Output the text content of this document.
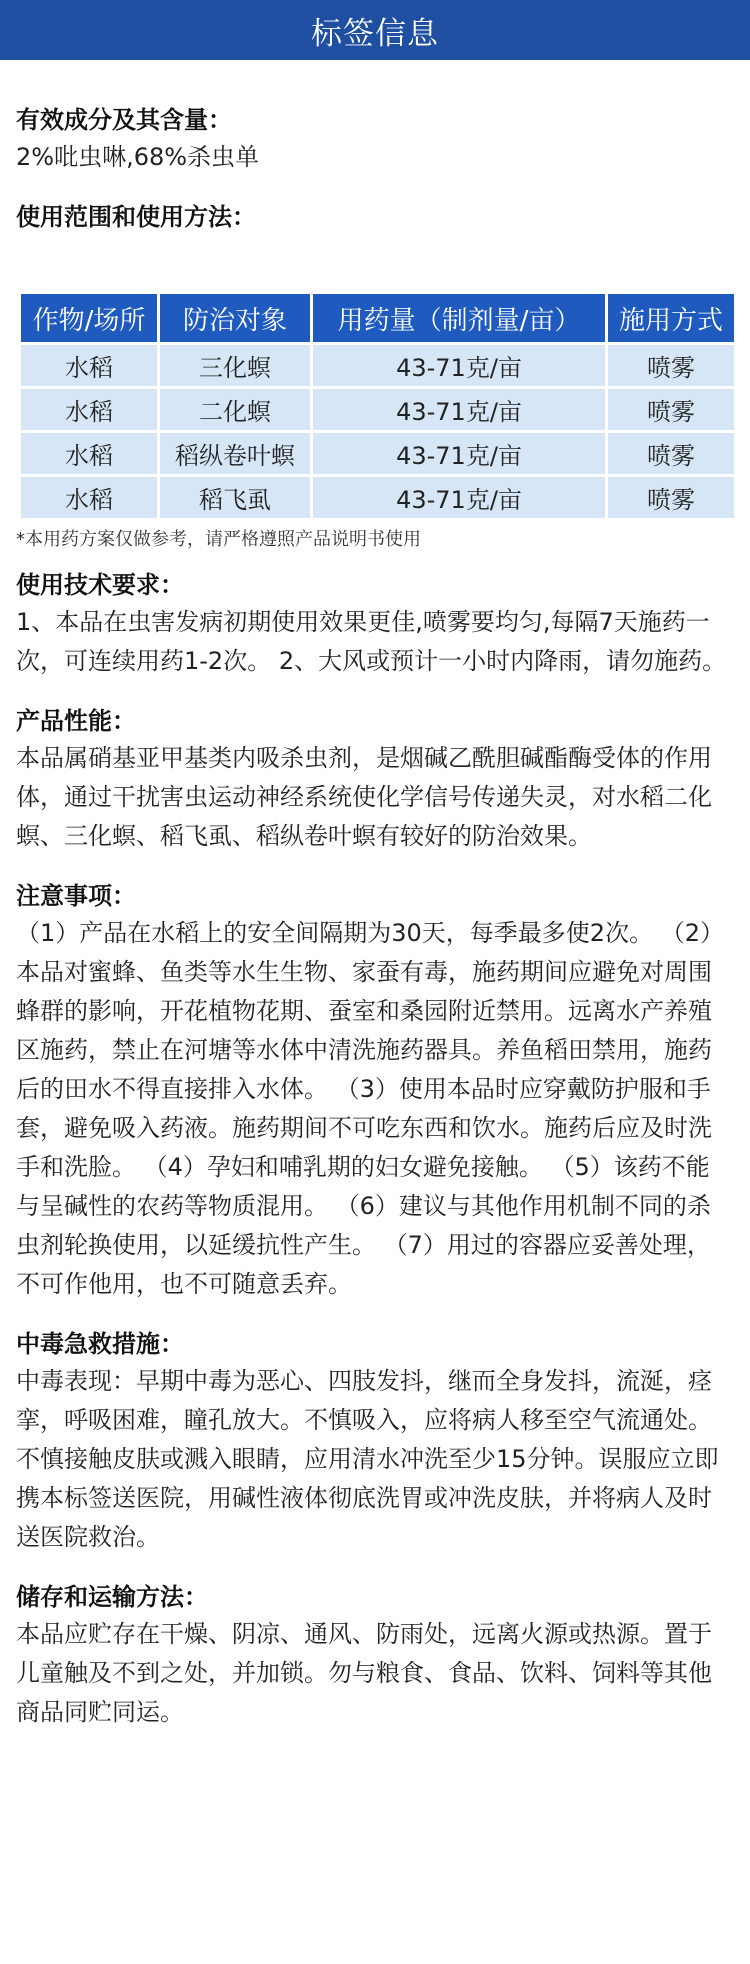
标签信息
有效成分及其含量：
2%吡虫啉,68%杀虫单
使用范围和使用方法：
作物/场所	防治对象	用药量（制剂量/亩）	施用方式
水稻	三化螟	43-71克/亩	喷雾
水稻	二化螟	43-71克/亩	喷雾
水稻	稻纵卷叶螟	43-71克/亩	喷雾
水稻	稻飞虱	43-71克/亩	喷雾
*本用药方案仅做参考，请严格遵照产品说明书使用
使用技术要求：
1、本品在虫害发病初期使用效果更佳,喷雾要均匀,每隔7天施药一次，可连续用药1-2次。 2、大风或预计一小时内降雨，请勿施药。
产品性能：
本品属硝基亚甲基类内吸杀虫剂，是烟碱乙酰胆碱酯酶受体的作用体，通过干扰害虫运动神经系统使化学信号传递失灵，对水稻二化螟、三化螟、稻飞虱、稻纵卷叶螟有较好的防治效果。
注意事项：
（1）产品在水稻上的安全间隔期为30天，每季最多使2次。 （2）本品对蜜蜂、鱼类等水生生物、家蚕有毒，施药期间应避免对周围蜂群的影响，开花植物花期、蚕室和桑园附近禁用。远离水产养殖区施药，禁止在河塘等水体中清洗施药器具。养鱼稻田禁用，施药后的田水不得直接排入水体。 （3）使用本品时应穿戴防护服和手套，避免吸入药液。施药期间不可吃东西和饮水。施药后应及时洗手和洗脸。 （4）孕妇和哺乳期的妇女避免接触。 （5）该药不能与呈碱性的农药等物质混用。 （6）建议与其他作用机制不同的杀虫剂轮换使用，以延缓抗性产生。 （7）用过的容器应妥善处理，不可作他用，也不可随意丢弃。
中毒急救措施：
中毒表现：早期中毒为恶心、四肢发抖，继而全身发抖，流涎，痉挛，呼吸困难，瞳孔放大。不慎吸入，应将病人移至空气流通处。不慎接触皮肤或溅入眼睛，应用清水冲洗至少15分钟。误服应立即携本标签送医院，用碱性液体彻底洗胃或冲洗皮肤，并将病人及时送医院救治。
储存和运输方法：
本品应贮存在干燥、阴凉、通风、防雨处，远离火源或热源。置于儿童触及不到之处，并加锁。勿与粮食、食品、饮料、饲料等其他商品同贮同运。
